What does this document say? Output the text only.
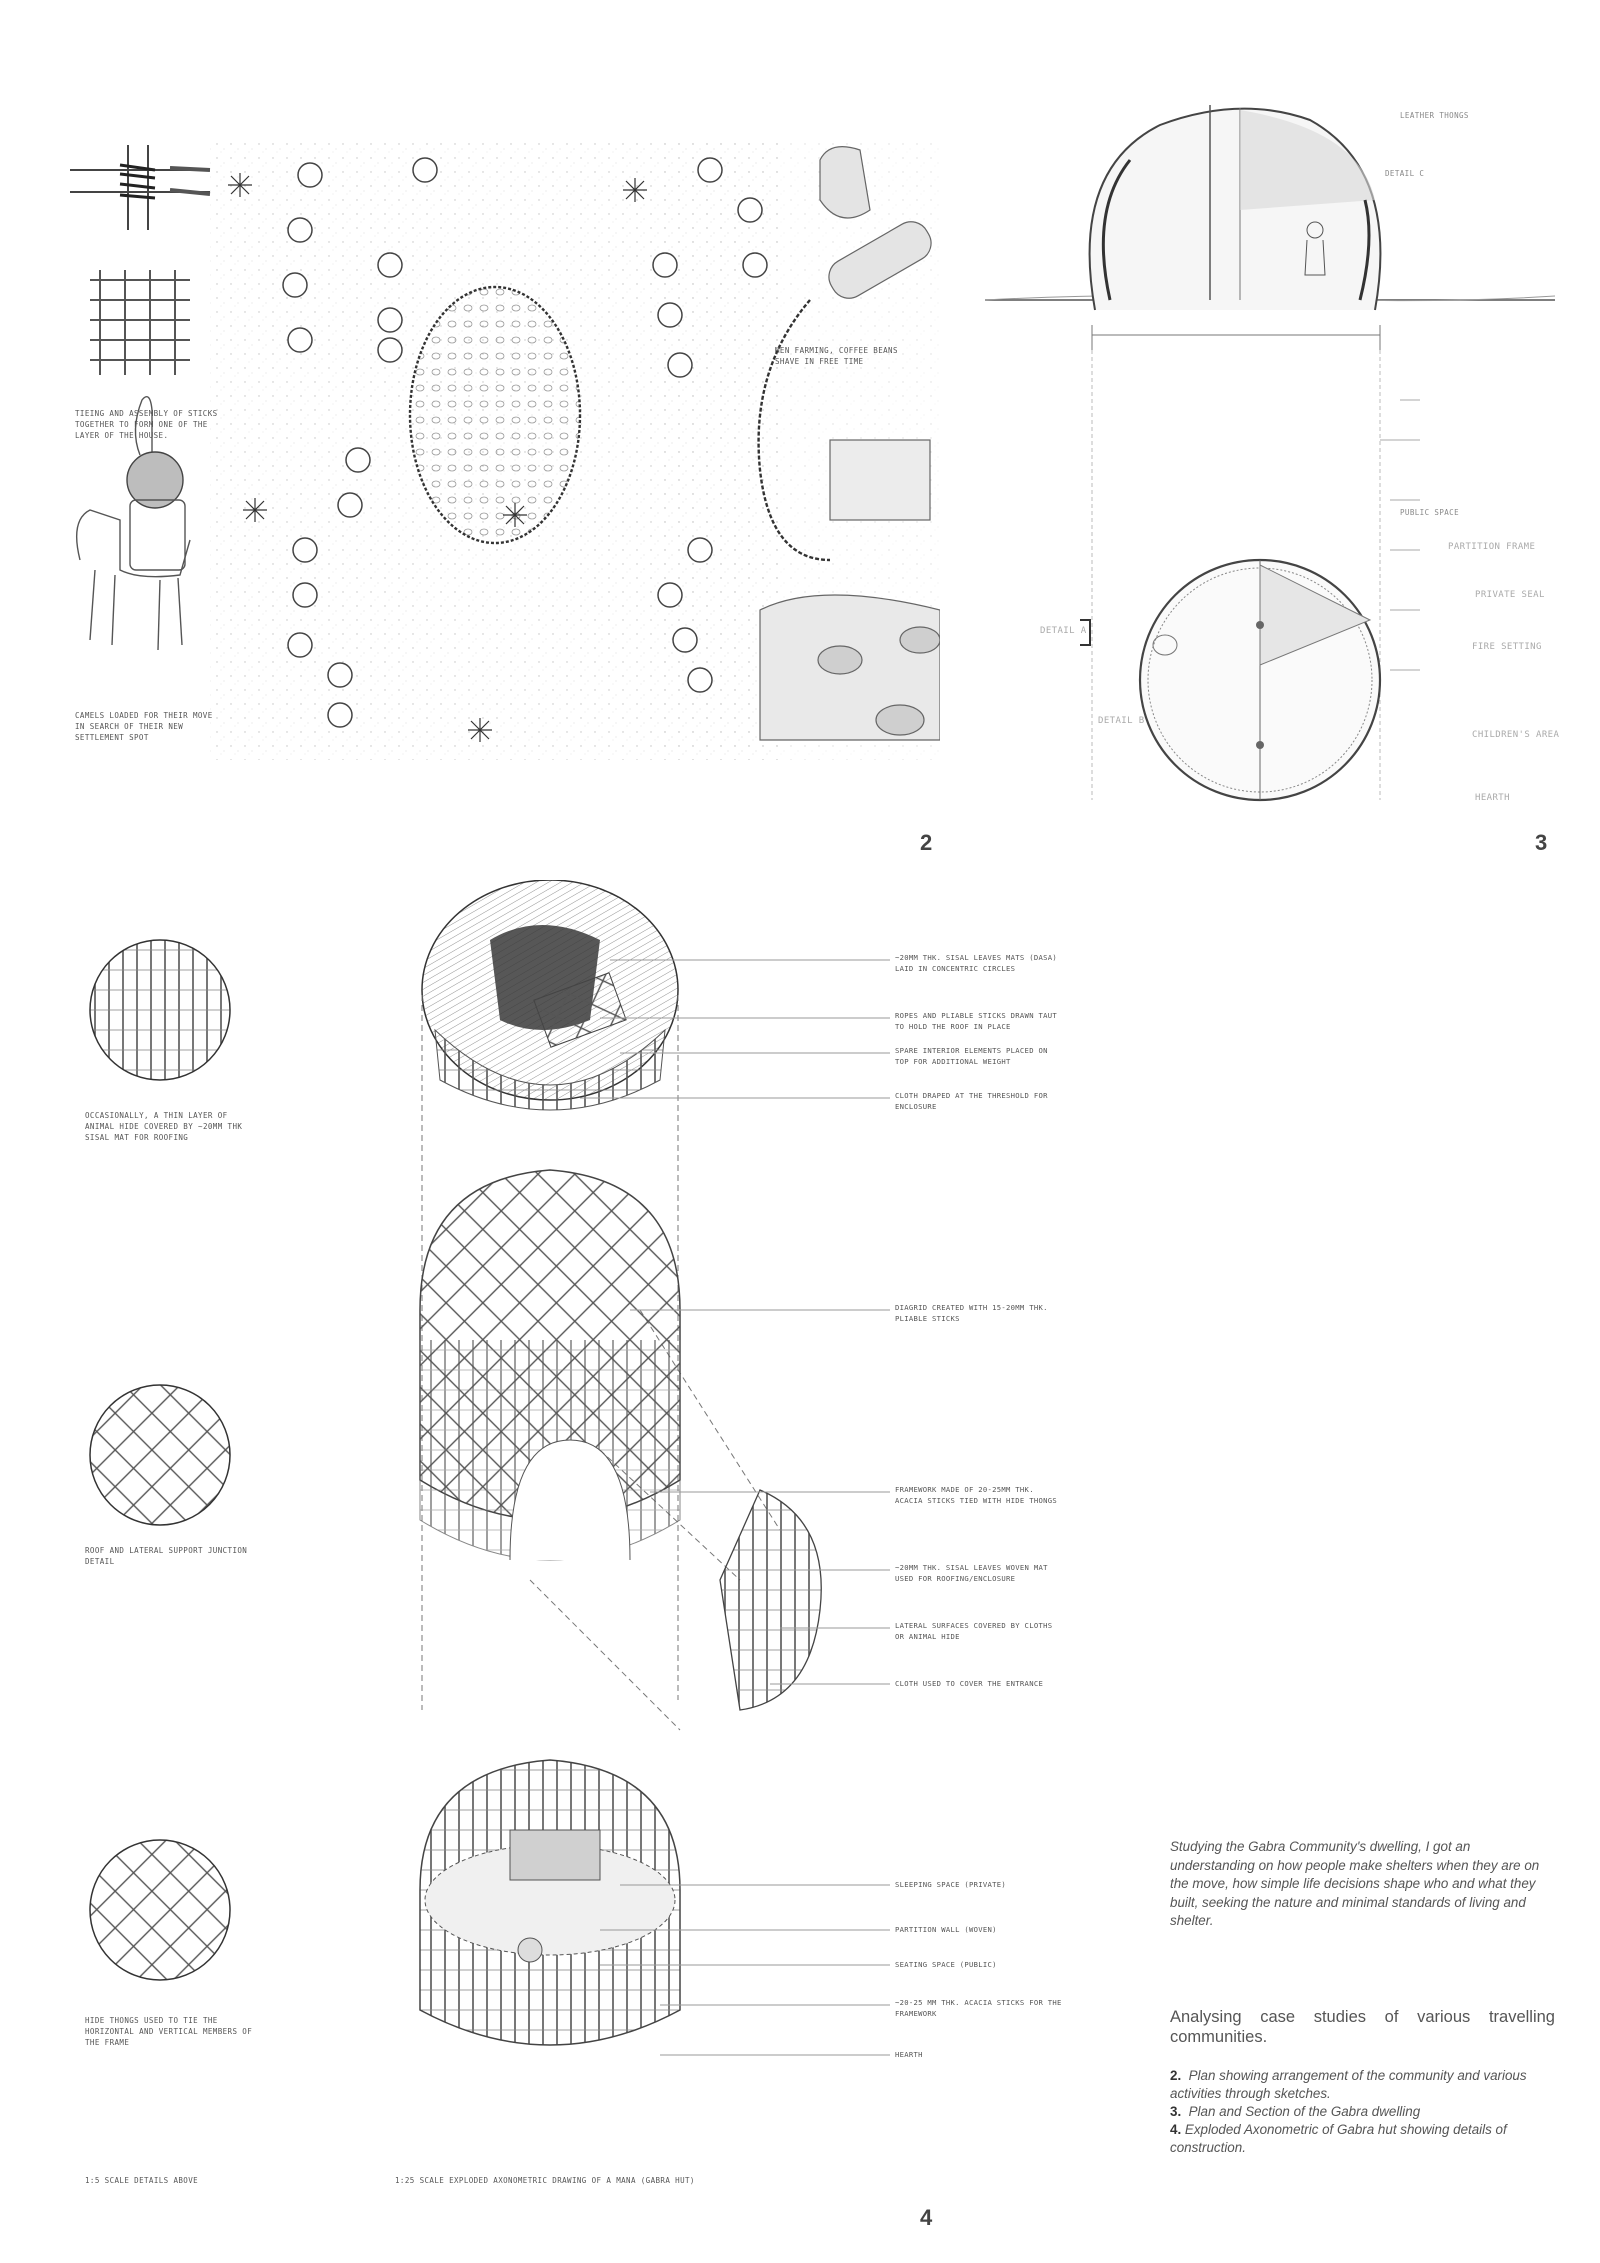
TIEING AND ASSEMBLY OF STICKS TOGETHER TO FORM ONE OF THE LAYER OF THE HOUSE.
CAMELS LOADED FOR THEIR MOVE IN SEARCH OF THEIR NEW SETTLEMENT SPOT
MEN FARMING, COFFEE BEANS SHAVE IN FREE TIME
2
LEATHER THONGS
DETAIL C
PUBLIC SPACE
PARTITION FRAME
PRIVATE SEAL
FIRE SETTING
DETAIL A
DETAIL B
CHILDREN'S AREA
HEARTH
3
OCCASIONALLY, A THIN LAYER OF ANIMAL HIDE COVERED BY ~20MM THK SISAL MAT FOR ROOFING
ROOF AND LATERAL SUPPORT JUNCTION DETAIL
HIDE THONGS USED TO TIE THE HORIZONTAL AND VERTICAL MEMBERS OF THE FRAME
~20MM THK. SISAL LEAVES MATS (DASA) LAID IN CONCENTRIC CIRCLES
ROPES AND PLIABLE STICKS DRAWN TAUT TO HOLD THE ROOF IN PLACE
SPARE INTERIOR ELEMENTS PLACED ON TOP FOR ADDITIONAL WEIGHT
CLOTH DRAPED AT THE THRESHOLD FOR ENCLOSURE
DIAGRID CREATED WITH 15-20MM THK. PLIABLE STICKS
FRAMEWORK MADE OF 20-25MM THK. ACACIA STICKS TIED WITH HIDE THONGS
~20MM THK. SISAL LEAVES WOVEN MAT USED FOR ROOFING/ENCLOSURE
LATERAL SURFACES COVERED BY CLOTHS OR ANIMAL HIDE
CLOTH USED TO COVER THE ENTRANCE
SLEEPING SPACE (PRIVATE)
PARTITION WALL (WOVEN)
SEATING SPACE (PUBLIC)
~20-25 MM THK. ACACIA STICKS FOR THE FRAMEWORK
HEARTH
1:5 SCALE DETAILS ABOVE	1:25 SCALE EXPLODED AXONOMETRIC DRAWING OF A MANA (GABRA HUT)
4
Studying the Gabra Community's dwelling, I got an understanding on how people make shelters when they are on the move, how simple life decisions shape who and what they built, seeking the nature and minimal standards of living and shelter.
Analysing case studies of various travelling communities.

2. Plan showing arrangement of the community and various activities through sketches.

3. Plan and Section of the Gabra dwelling

4. Exploded Axonometric of Gabra hut showing details of construction.
